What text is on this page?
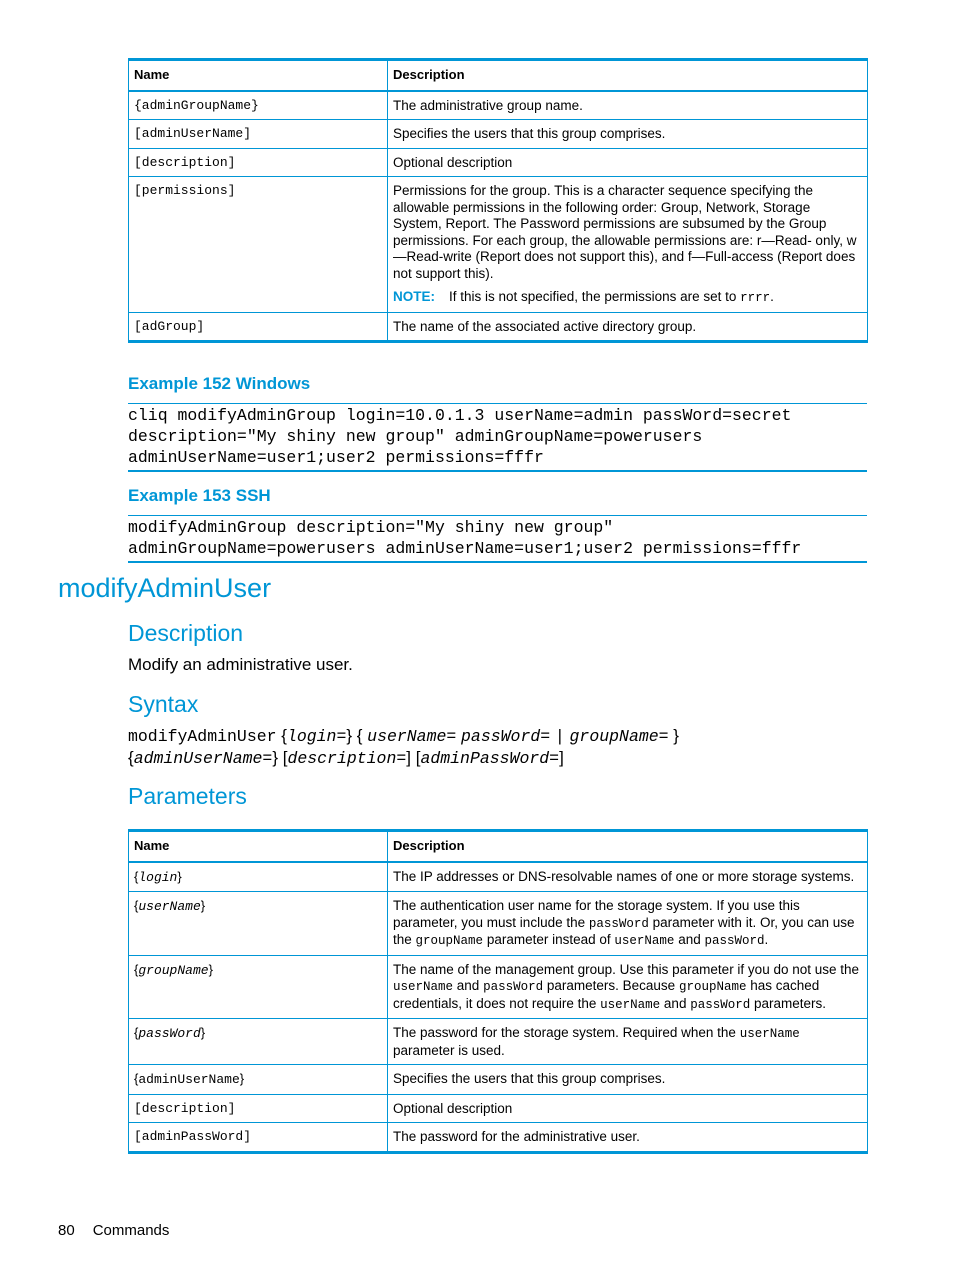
Name	Description
{adminGroupName}	The administrative group name.
[adminUserName]	Specifies the users that this group comprises.
[description]	Optional description
[permissions]	Permissions for the group. This is a character sequence specifying the allowable permissions in the following order: Group, Network, Storage System, Report. The Password permissions are subsumed by the Group permissions. For each group, the allowable permissions are: r—Read- only, w—Read-write (Report does not support this), and f—Full-access (Report does not support this).
NOTE: If this is not specified, the permissions are set to rrrr.

[adGroup]	The name of the associated active directory group.
Example 152 Windows
cliq modifyAdminGroup login=10.0.1.3 userName=admin passWord=secret
description="My shiny new group" adminGroupName=powerusers
adminUserName=user1;user2 permissions=fffr
Example 153 SSH
modifyAdminGroup description="My shiny new group"
adminGroupName=powerusers adminUserName=user1;user2 permissions=fffr
modifyAdminUser
Description
Modify an administrative user.
Syntax
modifyAdminUser {login=} { userName= passWord= | groupName= }
{adminUserName=} [description=] [adminPassWord=]
Parameters
Name	Description
{login}	The IP addresses or DNS-resolvable names of one or more storage systems.
{userName}	The authentication user name for the storage system. If you use this parameter, you must include the passWord parameter with it. Or, you can use the groupName parameter instead of userName and passWord.
{groupName}	The name of the management group. Use this parameter if you do not use the userName and passWord parameters. Because groupName has cached credentials, it does not require the userName and passWord parameters.
{passWord}	The password for the storage system. Required when the userName parameter is used.
{adminUserName}	Specifies the users that this group comprises.
[description]	Optional description
[adminPassWord]	The password for the administrative user.
80 Commands
